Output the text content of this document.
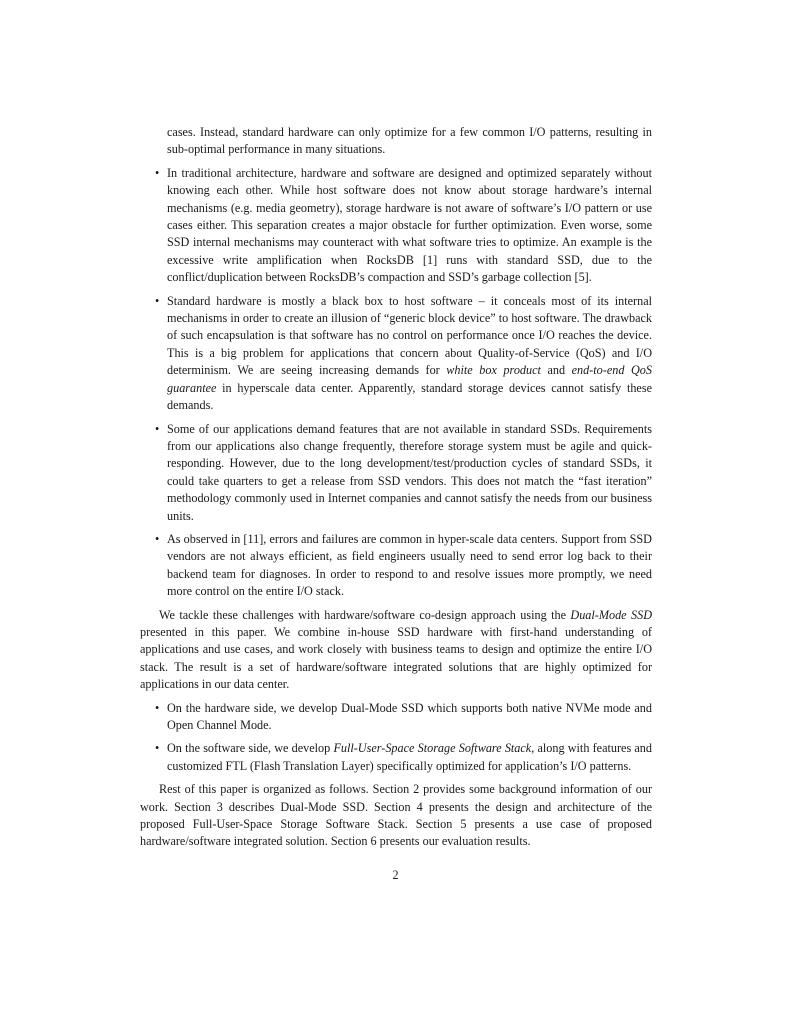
cases. Instead, standard hardware can only optimize for a few common I/O patterns, resulting in sub-optimal performance in many situations.

• In traditional architecture, hardware and software are designed and optimized separately without knowing each other. While host software does not know about storage hardware’s internal mechanisms (e.g. media geometry), storage hardware is not aware of software’s I/O pattern or use cases either. This separation creates a major obstacle for further optimization. Even worse, some SSD internal mechanisms may counteract with what software tries to optimize. An example is the excessive write amplification when RocksDB [1] runs with standard SSD, due to the conflict/duplication between RocksDB’s compaction and SSD’s garbage collection [5].
• Standard hardware is mostly a black box to host software – it conceals most of its internal mechanisms in order to create an illusion of “generic block device” to host software. The drawback of such encapsulation is that software has no control on performance once I/O reaches the device. This is a big problem for applications that concern about Quality-of-Service (QoS) and I/O determinism. We are seeing increasing demands for white box product and end-to-end QoS guarantee in hyperscale data center. Apparently, standard storage devices cannot satisfy these demands.
• Some of our applications demand features that are not available in standard SSDs. Requirements from our applications also change frequently, therefore storage system must be agile and quick-responding. However, due to the long development/test/production cycles of standard SSDs, it could take quarters to get a release from SSD vendors. This does not match the “fast iteration” methodology commonly used in Internet companies and cannot satisfy the needs from our business units.
• As observed in [11], errors and failures are common in hyper-scale data centers. Support from SSD vendors are not always efficient, as field engineers usually need to send error log back to their backend team for diagnoses. In order to respond to and resolve issues more promptly, we need more control on the entire I/O stack.

We tackle these challenges with hardware/software co-design approach using the Dual-Mode SSD presented in this paper. We combine in-house SSD hardware with first-hand understanding of applications and use cases, and work closely with business teams to design and optimize the entire I/O stack. The result is a set of hardware/software integrated solutions that are highly optimized for applications in our data center.

• On the hardware side, we develop Dual-Mode SSD which supports both native NVMe mode and Open Channel Mode.
• On the software side, we develop Full-User-Space Storage Software Stack, along with features and customized FTL (Flash Translation Layer) specifically optimized for application’s I/O patterns.

Rest of this paper is organized as follows. Section 2 provides some background information of our work. Section 3 describes Dual-Mode SSD. Section 4 presents the design and architecture of the proposed Full-User-Space Storage Software Stack. Section 5 presents a use case of proposed hardware/software integrated solution. Section 6 presents our evaluation results.

2
